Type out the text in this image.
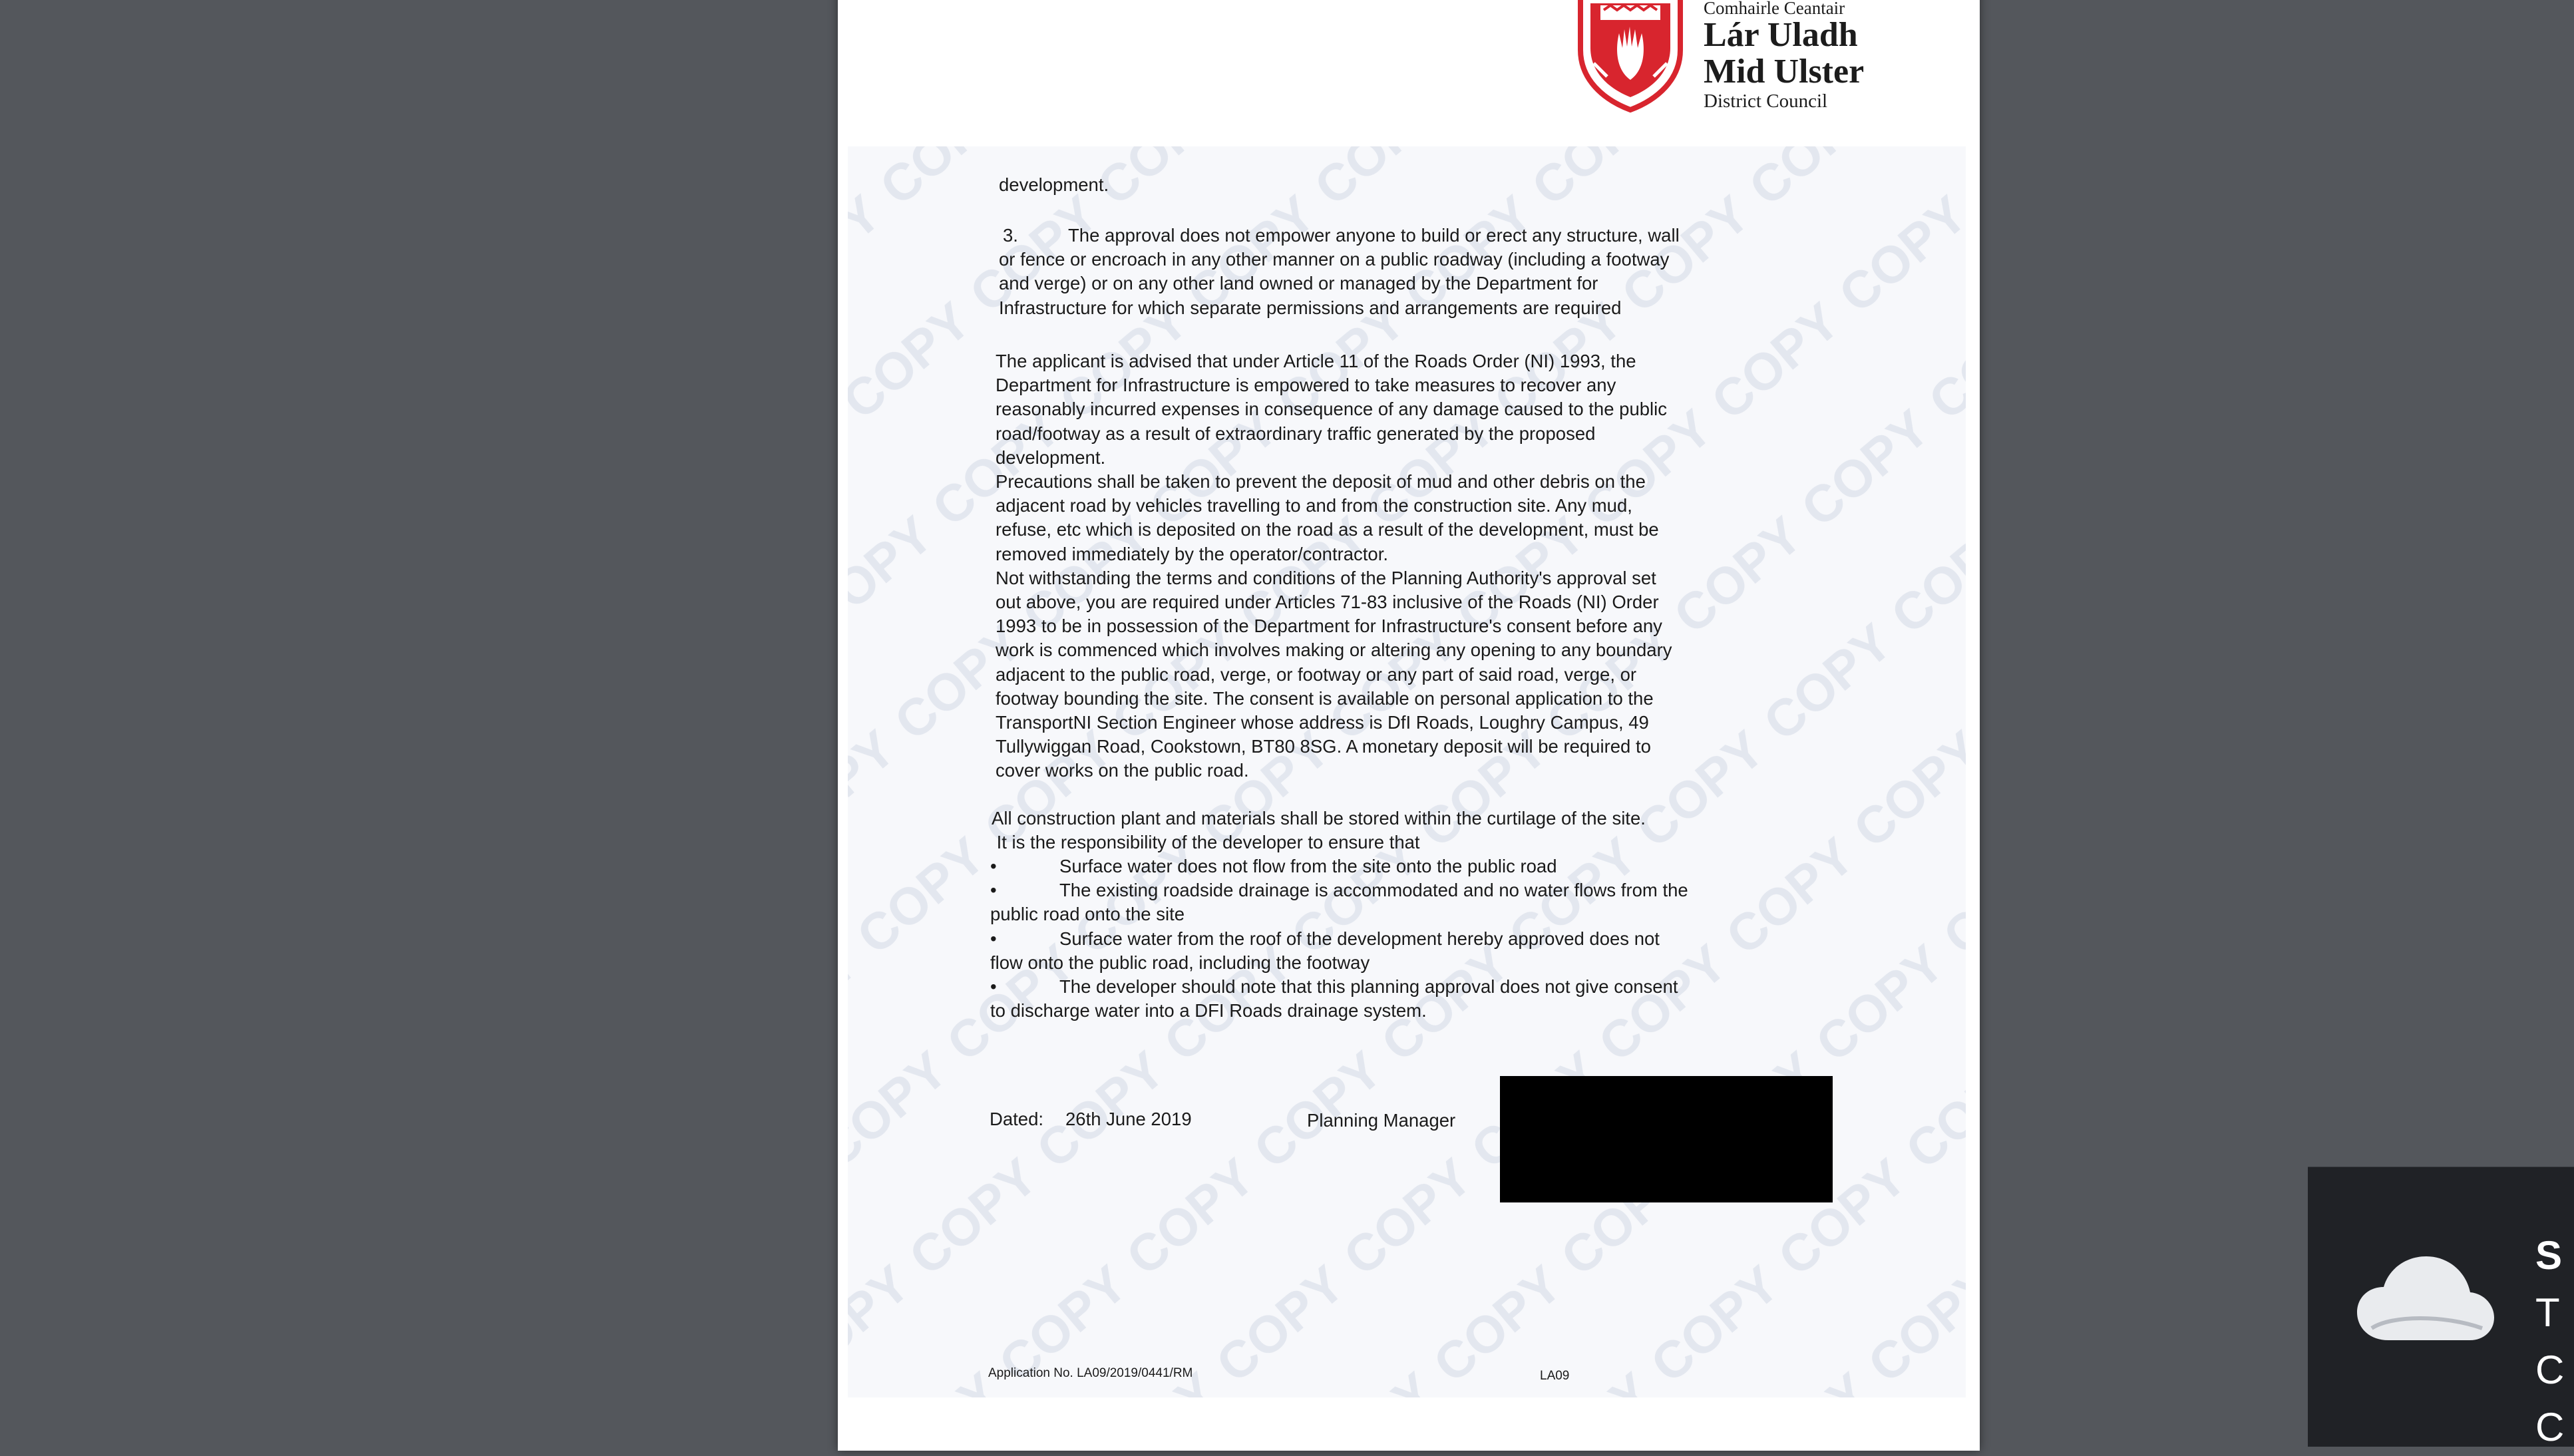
Comhairle Ceantair
Lár Uladh
Mid Ulster
District Council
development.
3.	The approval does not empower anyone to build or erect any structure, wall
or fence or encroach in any other manner on a public roadway (including a footway
and verge) or on any other land owned or managed by the Department for
Infrastructure for which separate permissions and arrangements are required
The applicant is advised that under Article 11 of the Roads Order (NI) 1993, the
Department for Infrastructure is empowered to take measures to recover any
reasonably incurred expenses in consequence of any damage caused to the public
road/footway as a result of extraordinary traffic generated by the proposed
development.
Precautions shall be taken to prevent the deposit of mud and other debris on the
adjacent road by vehicles travelling to and from the construction site. Any mud,
refuse, etc which is deposited on the road as a result of the development, must be
removed immediately by the operator/contractor.
Not withstanding the terms and conditions of the Planning Authority's approval set
out above, you are required under Articles 71-83 inclusive of the Roads (NI) Order
1993 to be in possession of the Department for Infrastructure's consent before any
work is commenced which involves making or altering any opening to any boundary
adjacent to the public road, verge, or footway or any part of said road, verge, or
footway bounding the site. The consent is available on personal application to the
TransportNI Section Engineer whose address is DfI Roads, Loughry Campus, 49
Tullywiggan Road, Cookstown, BT80 8SG. A monetary deposit will be required to
cover works on the public road.
All construction plant and materials shall be stored within the curtilage of the site.
It is the responsibility of the developer to ensure that
•	Surface water does not flow from the site onto the public road
•	The existing roadside drainage is accommodated and no water flows from the
public road onto the site
•	Surface water from the roof of the development hereby approved does not
flow onto the public road, including the footway
•	The developer should note that this planning approval does not give consent
to discharge water into a DFI Roads drainage system.
Dated: 26th June 2019	Planning Manager
Application No. LA09/2019/0441/RM	LA09
S
T
C
C
